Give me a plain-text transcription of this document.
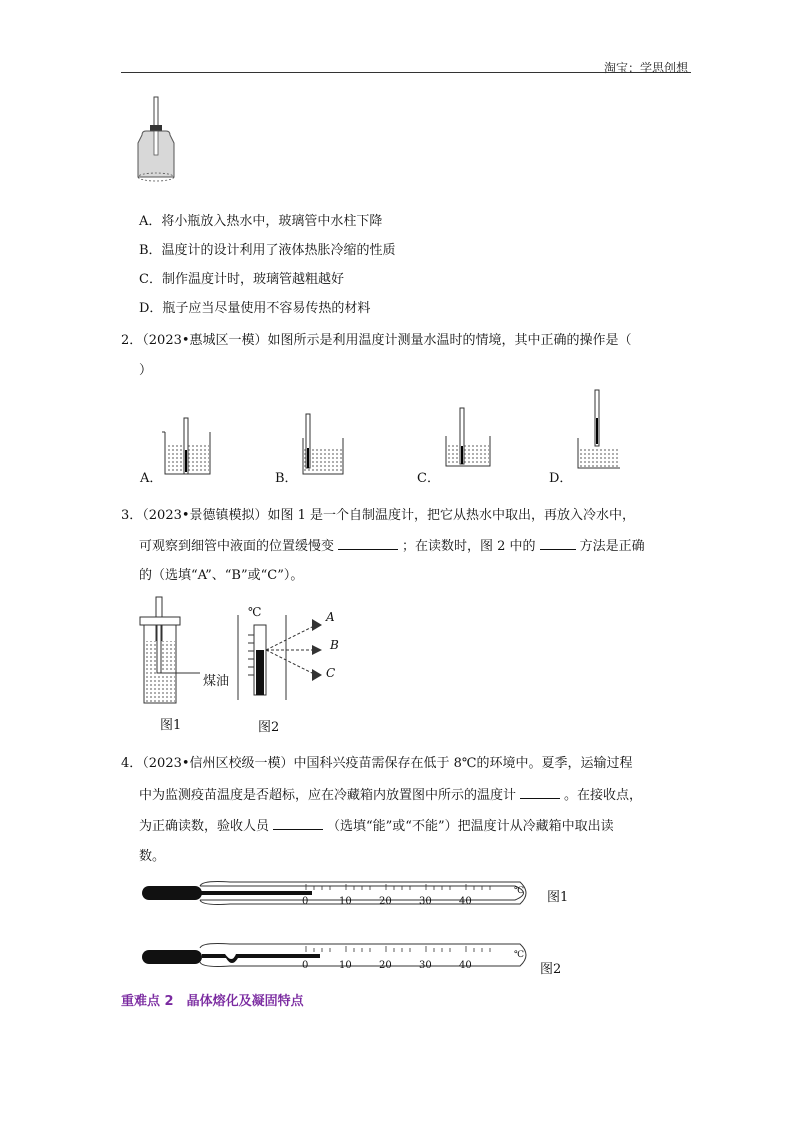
淘宝：学思创想
A．将小瓶放入热水中，玻璃管中水柱下降
B．温度计的设计利用了液体热胀冷缩的性质
C．制作温度计时，玻璃管越粗越好
D．瓶子应当尽量使用不容易传热的材料
2．（2023•惠城区一模）如图所示是利用温度计测量水温时的情境，其中正确的操作是（
）
A．	B．	C．	D．
3．（2023•景德镇模拟）如图 1 是一个自制温度计，把它从热水中取出，再放入冷水中，
可观察到细管中液面的位置缓慢变	；在读数时，图 2 中的	方法是正确
的（选填“A”、“B”或“C”）。
煤油
图1
℃	A
B
C
图2
4．（2023•信州区校级一模）中国科兴疫苗需保存在低于 8℃的环境中。夏季，运输过程
中为监测疫苗温度是否超标，应在冷藏箱内放置图中所示的温度计	。在接收点，
为正确读数，验收人员	（选填“能”或“不能”）把温度计从冷藏箱中取出读
数。
0	10	20	30	40
℃ 图1
0	10	20	30	40
℃
图2
重难点 2　晶体熔化及凝固特点
